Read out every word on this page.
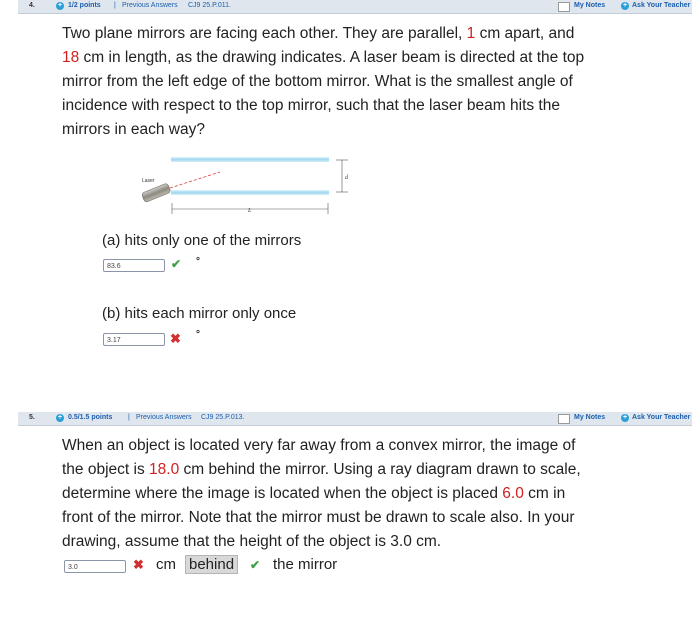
4.	+ 1/2 points | Previous Answers CJ9 25.P.011.	My Notes	+ Ask Your Teacher
Two plane mirrors are facing each other. They are parallel, 1 cm apart, and
18 cm in length, as the drawing indicates. A laser beam is directed at the top
mirror from the left edge of the bottom mirror. What is the smallest angle of
incidence with respect to the top mirror, such that the laser beam hits the
mirrors in each way?
Laser	d
L
(a) hits only one of the mirrors
83.6	✔ °
(b) hits each mirror only once
3.17	✖ °
5.	+ 0.5/1.5 points | Previous Answers CJ9 25.P.013.	My Notes	+ Ask Your Teacher
When an object is located very far away from a convex mirror, the image of
the object is 18.0 cm behind the mirror. Using a ray diagram drawn to scale,
determine where the image is located when the object is placed 6.0 cm in
front of the mirror. Note that the mirror must be drawn to scale also. In your
drawing, assume that the height of the object is 3.0 cm.
3.0	✖ cm behind	✔ the mirror
